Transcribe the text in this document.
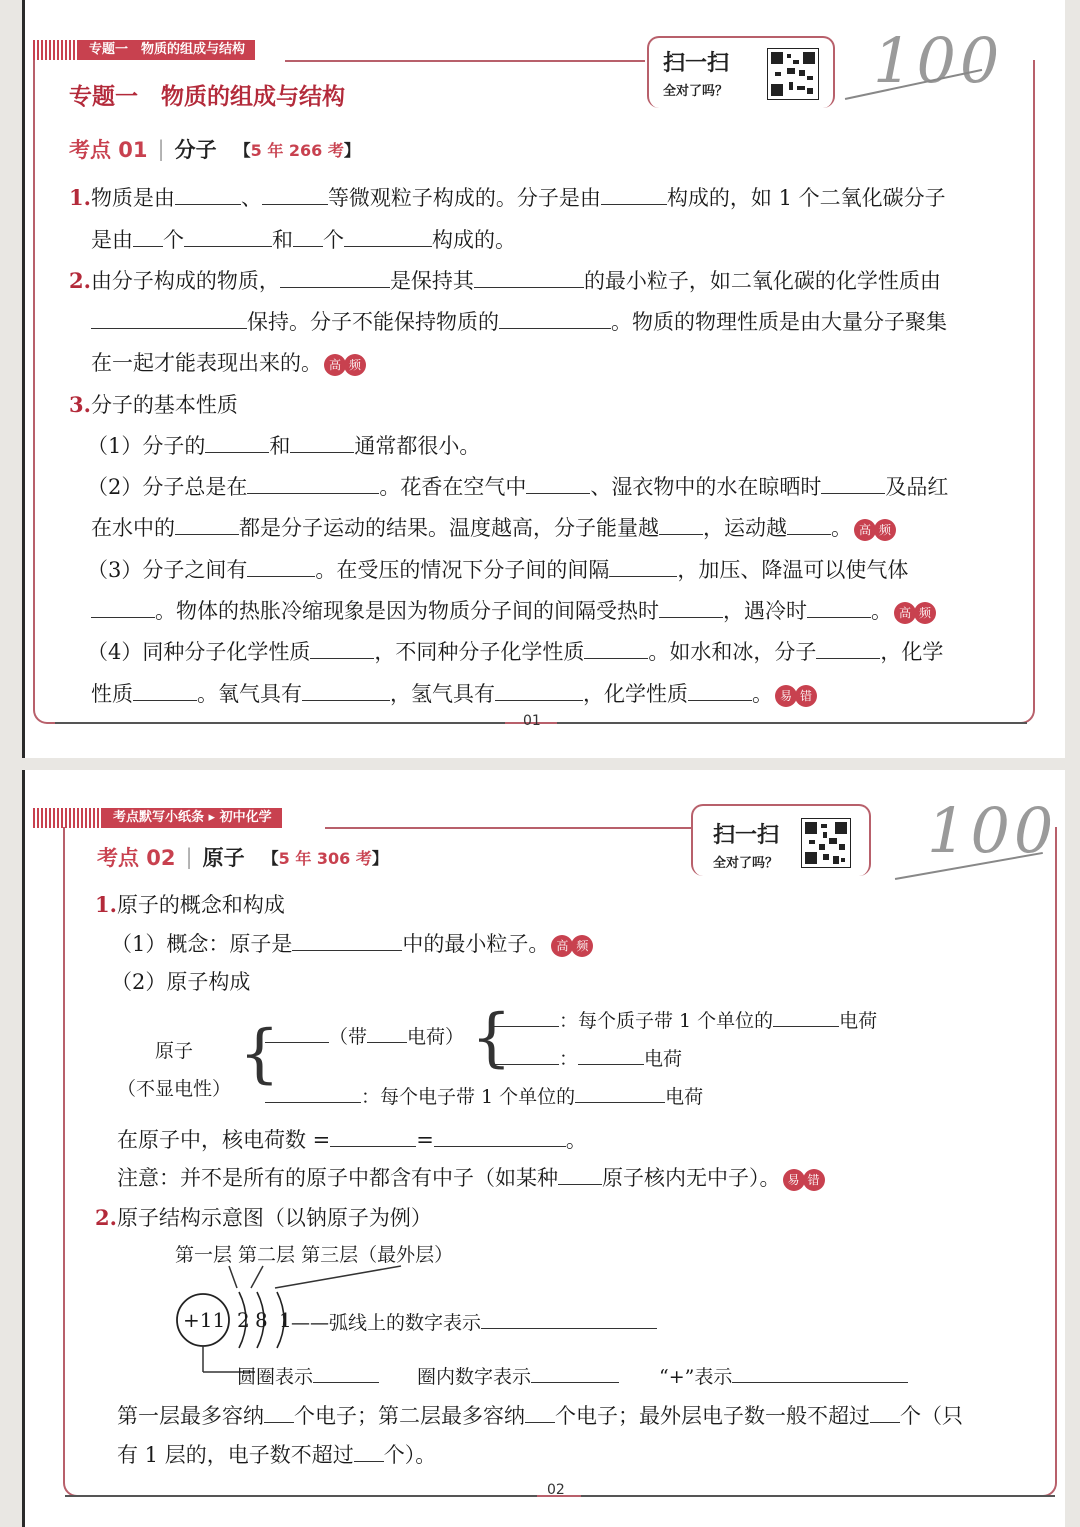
专题一　物质的组成与结构
专题一　物质的组成与结构
扫一扫
全对了吗？ 100
考点 01 | 分子 【5 年 266 考】
1.物质是由	、	等微观粒子构成的。分子是由	构成的，如 1 个二氧化碳分子
是由 个	和 个	构成的。
2.由分子构成的物质，	是保持其	的最小粒子，如二氧化碳的化学性质由
保持。分子不能保持物质的	。物质的物理性质是由大量分子聚集
在一起才能表现出来的。 高 频
3.分子的基本性质
（1）分子的	和	通常都很小。
（2）分子总是在	。花香在空气中	、湿衣物中的水在晾晒时	及品红
在水中的	都是分子运动的结果。温度越高，分子能量越 ，运动越 。 高 频
（3）分子之间有	。在受压的情况下分子间的间隔	，加压、降温可以使气体
。物体的热胀冷缩现象是因为物质分子间的间隔受热时	，遇冷时	。 高 频
（4）同种分子化学性质	，不同种分子化学性质	。如水和冰，分子	，化学
性质	。氧气具有	，氢气具有	，化学性质	。 易 错
01
考点默写小纸条 ▸ 初中化学
扫一扫
全对了吗？ 100
考点 02 | 原子 【5 年 306 考】
1.原子的概念和构成
（1）概念：原子是	中的最小粒子。 高 频
（2）原子构成
原子
（不显电性） {	（带 电荷） {	：每个质子带 1 个单位的	电荷
：	电荷
：每个电子带 1 个单位的	电荷
在原子中，核电荷数 =	=	。
注意：并不是所有的原子中都含有中子（如某种 原子核内无中子）。 易 错
2.原子结构示意图（以钠原子为例）
第一层 第二层 第三层（最外层）
+11 2 8 1 ——弧线上的数字表示
圆圈表示	圈内数字表示	“+”表示
第一层最多容纳 个电子；第二层最多容纳 个电子；最外层电子数一般不超过 个（只
有 1 层的，电子数不超过 个）。
02
